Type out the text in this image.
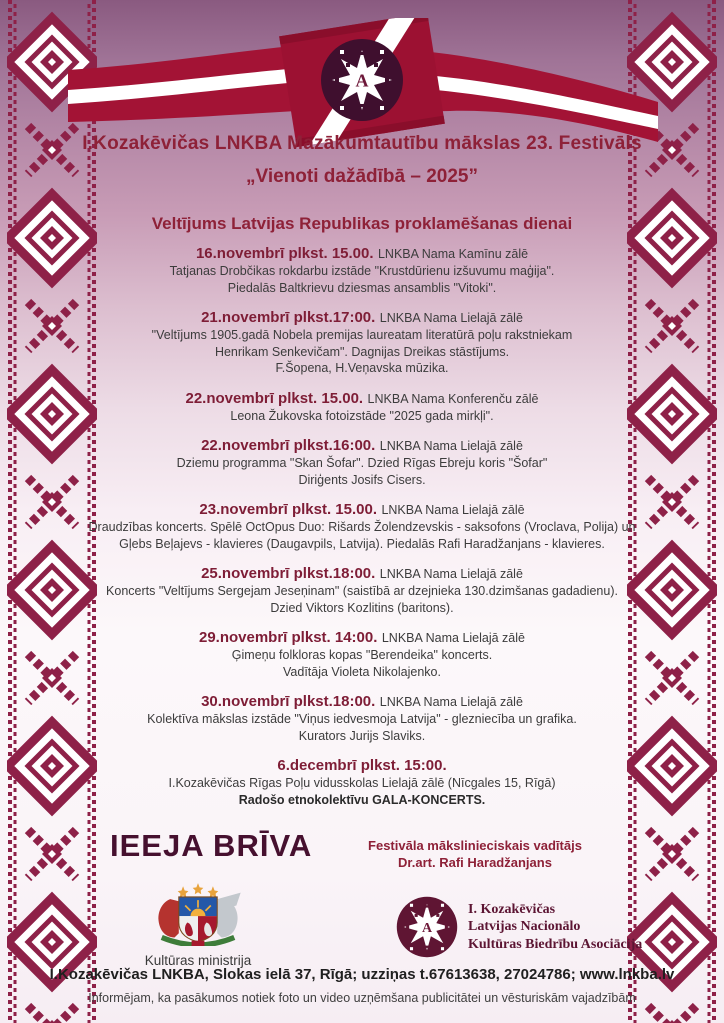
A
I.Kozakēvičas LNKBA Mazākumtautību mākslas 23. Festivāls
„Vienoti dažādībā – 2025”
Veltījums Latvijas Republikas proklamēšanas dienai
16.novembrī plkst. 15.00. LNKBA Nama Kamīnu zālē
Tatjanas Drobčikas rokdarbu izstāde "Krustdūrienu izšuvumu maģija".
Piedalās Baltkrievu dziesmas ansamblis "Vitoki".
21.novembrī plkst.17:00. LNKBA Nama Lielajā zālē
"Veltījums 1905.gadā Nobela premijas laureatam literatūrā poļu rakstniekam
Henrikam Senkevičam". Dagnijas Dreikas stāstījums.
F.Šopena, H.Veņavska mūzika.
22.novembrī plkst. 15.00. LNKBA Nama Konferenču zālē
Leona Žukovska fotoizstāde "2025 gada mirkļi".
22.novembrī plkst.16:00. LNKBA Nama Lielajā zālē
Dziemu programma "Skan Šofar". Dzied Rīgas Ebreju koris "Šofar"
Diriģents Josifs Cisers.
23.novembrī plkst. 15.00. LNKBA Nama Lielajā zālē
Draudzības koncerts. Spēlē OctOpus Duo: Rišards Žolendzevskis - saksofons (Vroclava, Polija) un
Gļebs Beļajevs - klavieres (Daugavpils, Latvija). Piedalās Rafi Haradžanjans - klavieres.
25.novembrī plkst.18:00. LNKBA Nama Lielajā zālē
Koncerts "Veltījums Sergejam Jeseņinam" (saistībā ar dzejnieka 130.dzimšanas gadadienu).
Dzied Viktors Kozlitins (baritons).
29.novembrī plkst. 14:00. LNKBA Nama Lielajā zālē
Ģimeņu folkloras kopas "Berendeika" koncerts.
Vadītāja Violeta Nikolajenko.
30.novembrī plkst.18:00. LNKBA Nama Lielajā zālē
Kolektīva mākslas izstāde "Viņus iedvesmoja Latvija" - glezniecība un grafika.
Kurators Jurijs Slaviks.
6.decembrī plkst. 15:00.
I.Kozakēvičas Rīgas Poļu vidusskolas Lielajā zālē (Nīcgales 15, Rīgā)
Radošo etnokolektīvu GALA-KONCERTS.
IEEJA BRĪVA	Festivāla mākslinieciskais vadītājs
Dr.art. Rafi Haradžanjans
Kultūras ministrija
A
I. Kozakēvičas
Latvijas Nacionālo
Kultūras Biedrību Asociācija
I.Kozakēvičas LNKBA, Slokas ielā 37, Rīgā; uzziņas t.67613638, 27024786; www.lnkba.lv
Informējam, ka pasākumos notiek foto un video uzņēmšana publicitātei un vēsturiskām vajadzībām
